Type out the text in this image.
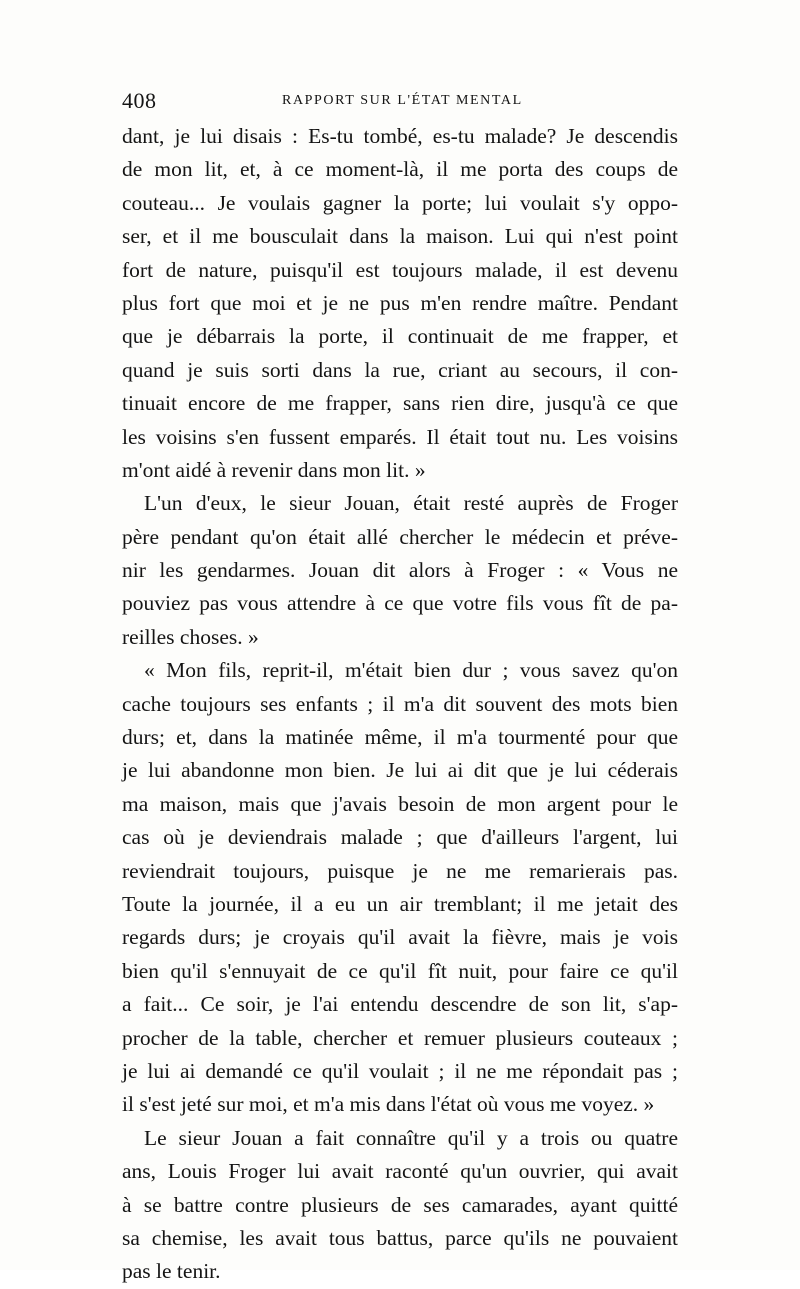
408	RAPPORT SUR L'ÉTAT MENTAL
dant, je lui disais : Es-tu tombé, es-tu malade? Je descendis
de mon lit, et, à ce moment-là, il me porta des coups de
couteau... Je voulais gagner la porte; lui voulait s'y oppo-
ser, et il me bousculait dans la maison. Lui qui n'est point
fort de nature, puisqu'il est toujours malade, il est devenu
plus fort que moi et je ne pus m'en rendre maître. Pendant
que je débarrais la porte, il continuait de me frapper, et
quand je suis sorti dans la rue, criant au secours, il con-
tinuait encore de me frapper, sans rien dire, jusqu'à ce que
les voisins s'en fussent emparés. Il était tout nu. Les voisins
m'ont aidé à revenir dans mon lit. »
L'un d'eux, le sieur Jouan, était resté auprès de Froger
père pendant qu'on était allé chercher le médecin et préve-
nir les gendarmes. Jouan dit alors à Froger : « Vous ne
pouviez pas vous attendre à ce que votre fils vous fît de pa-
reilles choses. »
« Mon fils, reprit-il, m'était bien dur ; vous savez qu'on
cache toujours ses enfants ; il m'a dit souvent des mots bien
durs; et, dans la matinée même, il m'a tourmenté pour que
je lui abandonne mon bien. Je lui ai dit que je lui céderais
ma maison, mais que j'avais besoin de mon argent pour le
cas où je deviendrais malade ; que d'ailleurs l'argent, lui
reviendrait toujours, puisque je ne me remarierais pas.
Toute la journée, il a eu un air tremblant; il me jetait des
regards durs; je croyais qu'il avait la fièvre, mais je vois
bien qu'il s'ennuyait de ce qu'il fît nuit, pour faire ce qu'il
a fait... Ce soir, je l'ai entendu descendre de son lit, s'ap-
procher de la table, chercher et remuer plusieurs couteaux ;
je lui ai demandé ce qu'il voulait ; il ne me répondait pas ;
il s'est jeté sur moi, et m'a mis dans l'état où vous me voyez. »
Le sieur Jouan a fait connaître qu'il y a trois ou quatre
ans, Louis Froger lui avait raconté qu'un ouvrier, qui avait
à se battre contre plusieurs de ses camarades, ayant quitté
sa chemise, les avait tous battus, parce qu'ils ne pouvaient
pas le tenir.
